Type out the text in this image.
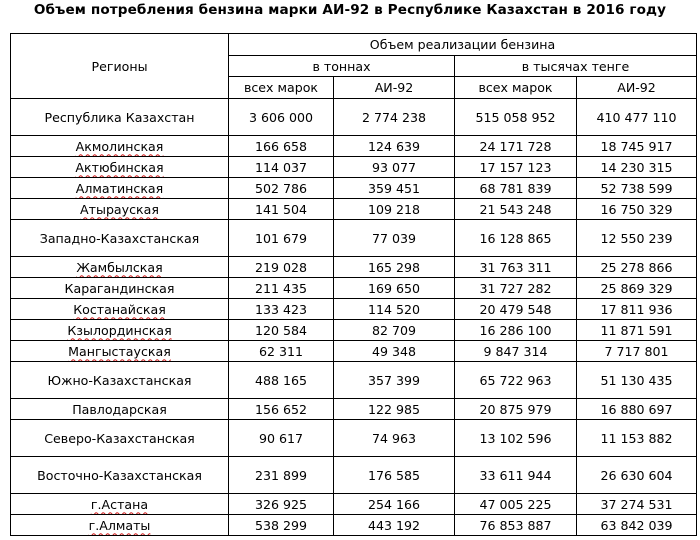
Объем потребления бензина марки АИ-92 в Республике Казахстан в 2016 году
Регионы	Объем реализации бензина			
	в тоннах		в тысячах тенге	
	всех марок	АИ-92	всех марок	АИ-92
Республика Казахстан	3 606 000	2 774 238	515 058 952	410 477 110
Акмолинская	166 658	124 639	24 171 728	18 745 917
Актюбинская	114 037	93 077	17 157 123	14 230 315
Алматинская	502 786	359 451	68 781 839	52 738 599
Атырауская	141 504	109 218	21 543 248	16 750 329
Западно-Казахстанская	101 679	77 039	16 128 865	12 550 239
Жамбылская	219 028	165 298	31 763 311	25 278 866
Карагандинская	211 435	169 650	31 727 282	25 869 329
Костанайская	133 423	114 520	20 479 548	17 811 936
Кзылординская	120 584	82 709	16 286 100	11 871 591
Мангыстауская	62 311	49 348	9 847 314	7 717 801
Южно-Казахстанская	488 165	357 399	65 722 963	51 130 435
Павлодарская	156 652	122 985	20 875 979	16 880 697
Северо-Казахстанская	90 617	74 963	13 102 596	11 153 882
Восточно-Казахстанская	231 899	176 585	33 611 944	26 630 604
г.Астана	326 925	254 166	47 005 225	37 274 531
г.Алматы	538 299	443 192	76 853 887	63 842 039
